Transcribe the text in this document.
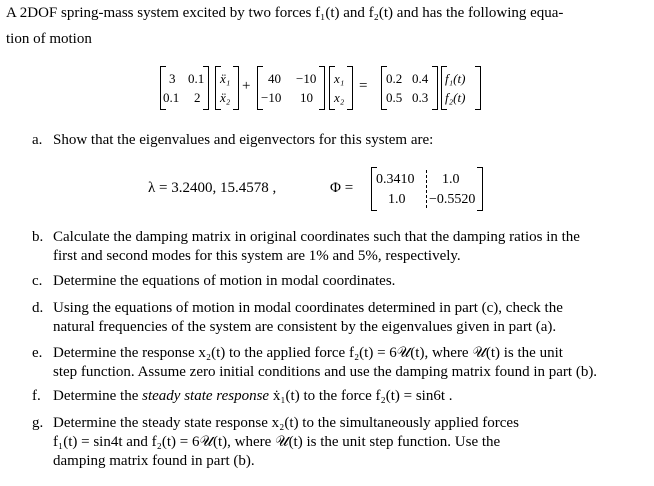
A 2DOF spring-mass system excited by two forces f₁(t) and f₂(t) and has the following equa-
tion of motion
3 0.1
0.1 2
ẍ₁
ẍ₂
+ 40 −10
−10 10
x₁
x₂
= 0.2 0.4
0.5 0.3
f₁(t)
f₂(t)
a. Show that the eigenvalues and eigenvectors for this system are:
λ = 3.2400, 15.4578 ,	Φ =
0.3410 1.0
1.0 −0.5520
b. Calculate the damping matrix in original coordinates such that the damping ratios in the
first and second modes for this system are 1% and 5%, respectively.
c. Determine the equations of motion in modal coordinates.
d. Using the equations of motion in modal coordinates determined in part (c), check the
natural frequencies of the system are consistent by the eigenvalues given in part (a).
e. Determine the response x₂(t) to the applied force f₂(t) = 6𝒰(t), where 𝒰(t) is the unit
step function. Assume zero initial conditions and use the damping matrix found in part (b).
f. Determine the steady state response ẋ₁(t) to the force f₂(t) = sin6t .
g. Determine the steady state response x₂(t) to the simultaneously applied forces
f₁(t) = sin4t and f₂(t) = 6𝒰(t), where 𝒰(t) is the unit step function. Use the
damping matrix found in part (b).
